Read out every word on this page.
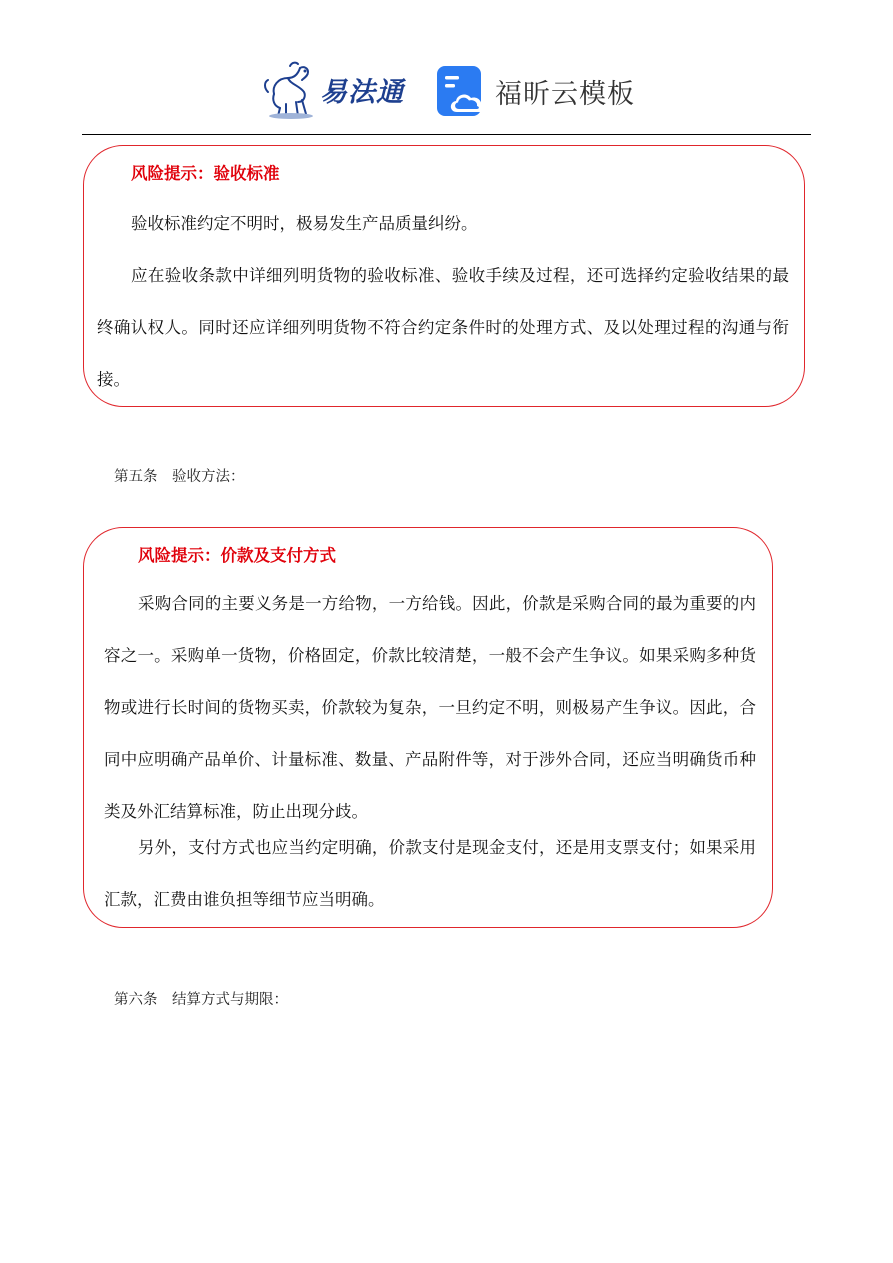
易法通	福昕云模板
风险提示：验收标准
验收标准约定不明时，极易发生产品质量纠纷。
应在验收条款中详细列明货物的验收标准、验收手续及过程，还可选择约定验收结果的最终确认权人。同时还应详细列明货物不符合约定条件时的处理方式、及以处理过程的沟通与衔接。
第五条　验收方法：
风险提示：价款及支付方式
采购合同的主要义务是一方给物，一方给钱。因此，价款是采购合同的最为重要的内容之一。采购单一货物，价格固定，价款比较清楚，一般不会产生争议。如果采购多种货物或进行长时间的货物买卖，价款较为复杂，一旦约定不明，则极易产生争议。因此，合同中应明确产品单价、计量标准、数量、产品附件等，对于涉外合同，还应当明确货币种类及外汇结算标准，防止出现分歧。
另外，支付方式也应当约定明确，价款支付是现金支付，还是用支票支付；如果采用汇款，汇费由谁负担等细节应当明确。
第六条　结算方式与期限：
